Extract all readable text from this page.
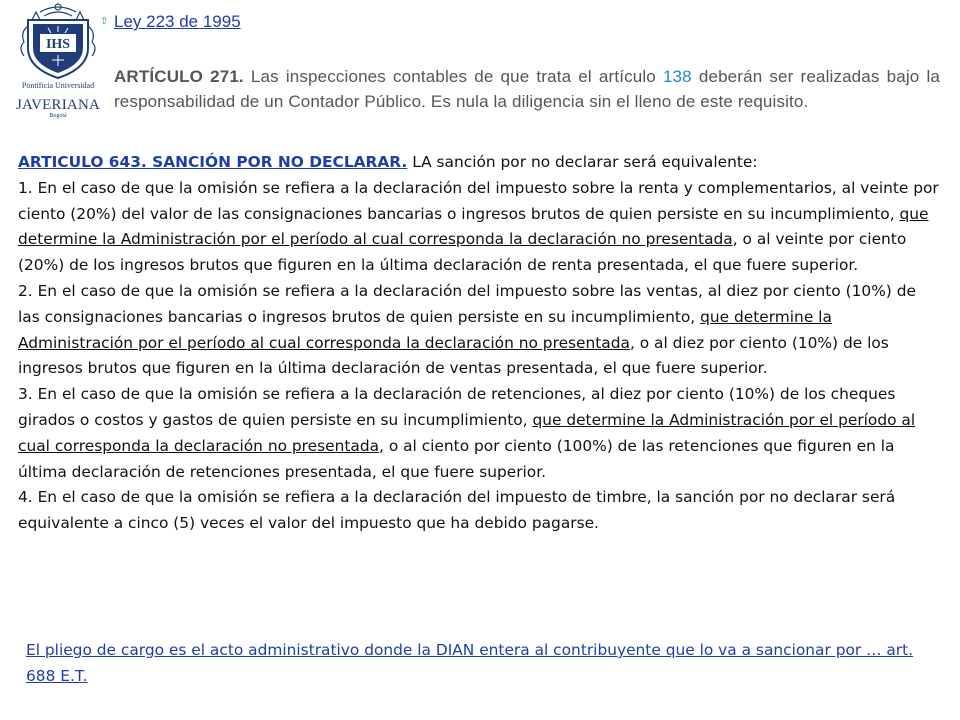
IHS
Pontificia Universidad
JAVERIANA
Bogotá
⇧ Ley 223 de 1995
ARTÍCULO 271. Las inspecciones contables de que trata el artículo 138 deberán ser realizadas bajo la responsabilidad de un Contador Público. Es nula la diligencia sin el lleno de este requisito.

ARTICULO 643. SANCIÓN POR NO DECLARAR. LA sanción por no declarar será equivalente:

1. En el caso de que la omisión se refiera a la declaración del impuesto sobre la renta y complementarios, al veinte por ciento (20%) del valor de las consignaciones bancarias o ingresos brutos de quien persiste en su incumplimiento, que determine la Administración por el período al cual corresponda la declaración no presentada, o al veinte por ciento (20%) de los ingresos brutos que figuren en la última declaración de renta presentada, el que fuere superior.

2. En el caso de que la omisión se refiera a la declaración del impuesto sobre las ventas, al diez por ciento (10%) de las consignaciones bancarias o ingresos brutos de quien persiste en su incumplimiento, que determine la Administración por el período al cual corresponda la declaración no presentada, o al diez por ciento (10%) de los ingresos brutos que figuren en la última declaración de ventas presentada, el que fuere superior.

3. En el caso de que la omisión se refiera a la declaración de retenciones, al diez por ciento (10%) de los cheques girados o costos y gastos de quien persiste en su incumplimiento, que determine la Administración por el período al cual corresponda la declaración no presentada, o al ciento por ciento (100%) de las retenciones que figuren en la última declaración de retenciones presentada, el que fuere superior.

4. En el caso de que la omisión se refiera a la declaración del impuesto de timbre, la sanción por no declarar será equivalente a cinco (5) veces el valor del impuesto que ha debido pagarse.

El pliego de cargo es el acto administrativo donde la DIAN entera al contribuyente que lo va a sancionar por … art. 688 E.T.
